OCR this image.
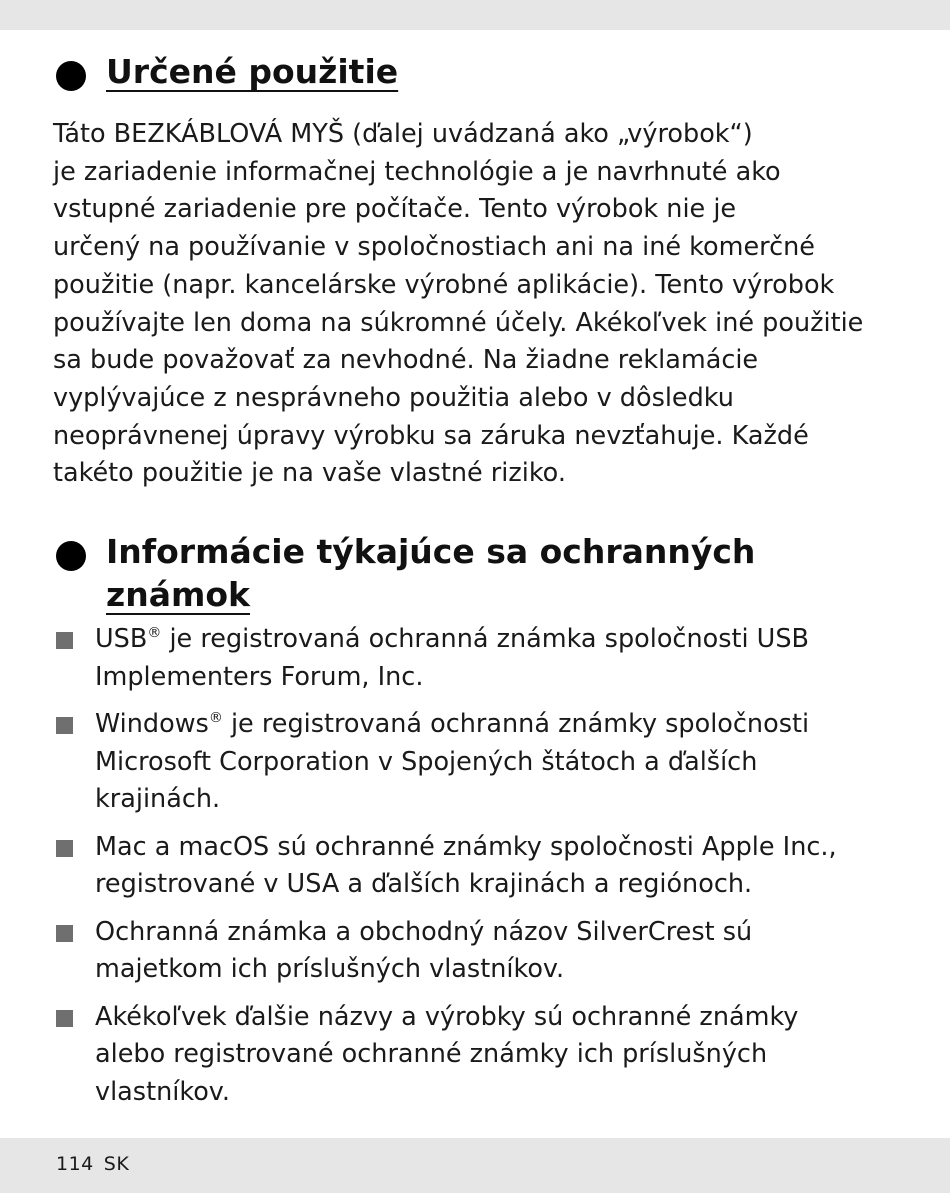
Určené použitie

Táto BEZKÁBLOVÁ MYŠ (ďalej uvádzaná ako „výrobok“)
je zariadenie informačnej technológie a je navrhnuté ako
vstupné zariadenie pre počítače. Tento výrobok nie je
určený na používanie v spoločnostiach ani na iné komerčné
použitie (napr. kancelárske výrobné aplikácie). Tento výrobok
používajte len doma na súkromné účely. Akékoľvek iné použitie
sa bude považovať za nevhodné. Na žiadne reklamácie
vyplývajúce z nesprávneho použitia alebo v dôsledku
neoprávnenej úpravy výrobku sa záruka nevzťahuje. Každé
takéto použitie je na vaše vlastné riziko.

Informácie týkajúce sa ochranných
známok
USB® je registrovaná ochranná známka spoločnosti USB
Implementers Forum, Inc.
Windows® je registrovaná ochranná známky spoločnosti
Microsoft Corporation v Spojených štátoch a ďalších
krajinách.
Mac a macOS sú ochranné známky spoločnosti Apple Inc.,
registrované v USA a ďalších krajinách a regiónoch.
Ochranná známka a obchodný názov SilverCrest sú
majetkom ich príslušných vlastníkov.
Akékoľvek ďalšie názvy a výrobky sú ochranné známky
alebo registrované ochranné známky ich príslušných
vlastníkov.
114 SK
